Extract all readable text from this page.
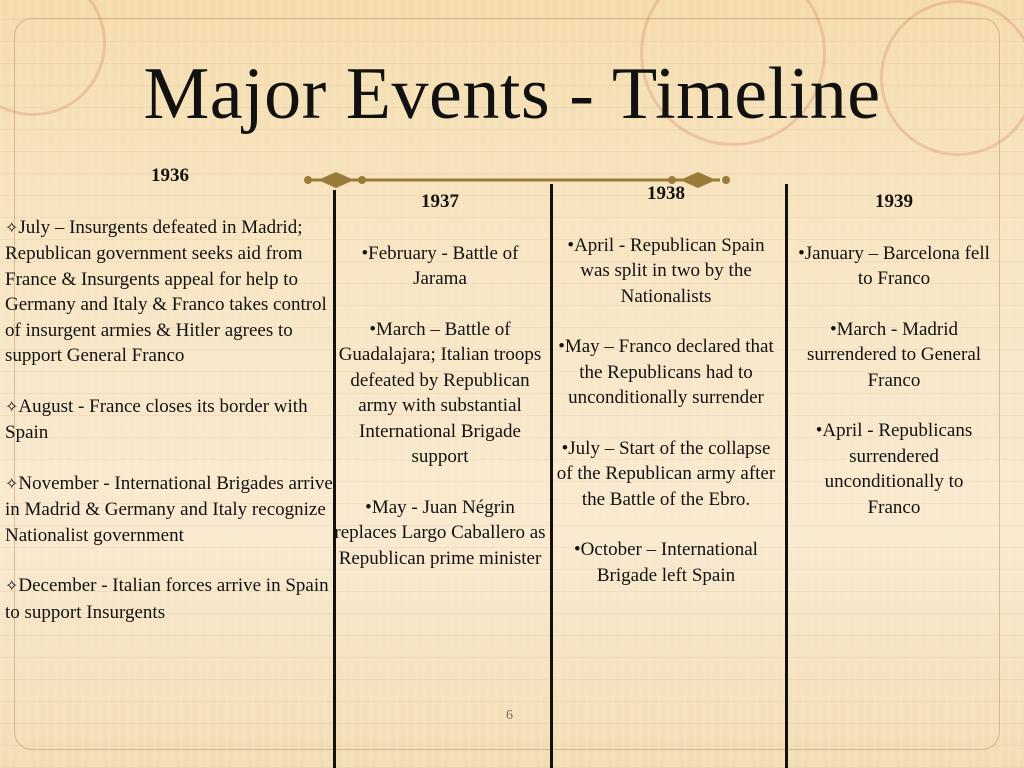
Major Events - Timeline
1936

✧July – Insurgents defeated in Madrid; Republican government seeks aid from France & Insurgents appeal for help to Germany and Italy & Franco takes control of insurgent armies & Hitler agrees to support General Franco

✧August - France closes its border with Spain

✧November - International Brigades arrive in Madrid & Germany and Italy recognize Nationalist government

✧December - Italian forces arrive in Spain to support Insurgents

1937

•February - Battle of Jarama

•March – Battle of Guadalajara; Italian troops defeated by Republican army with substantial International Brigade support

•May - Juan Négrin replaces Largo Caballero as Republican prime minister

1938

•April - Republican Spain was split in two by the Nationalists

•May – Franco declared that the Republicans had to unconditionally surrender

•July – Start of the collapse of the Republican army after the Battle of the Ebro.

•October – International Brigade left Spain

1939

•January – Barcelona fell to Franco

•March - Madrid surrendered to General Franco

•April - Republicans surrendered unconditionally to Franco

6
